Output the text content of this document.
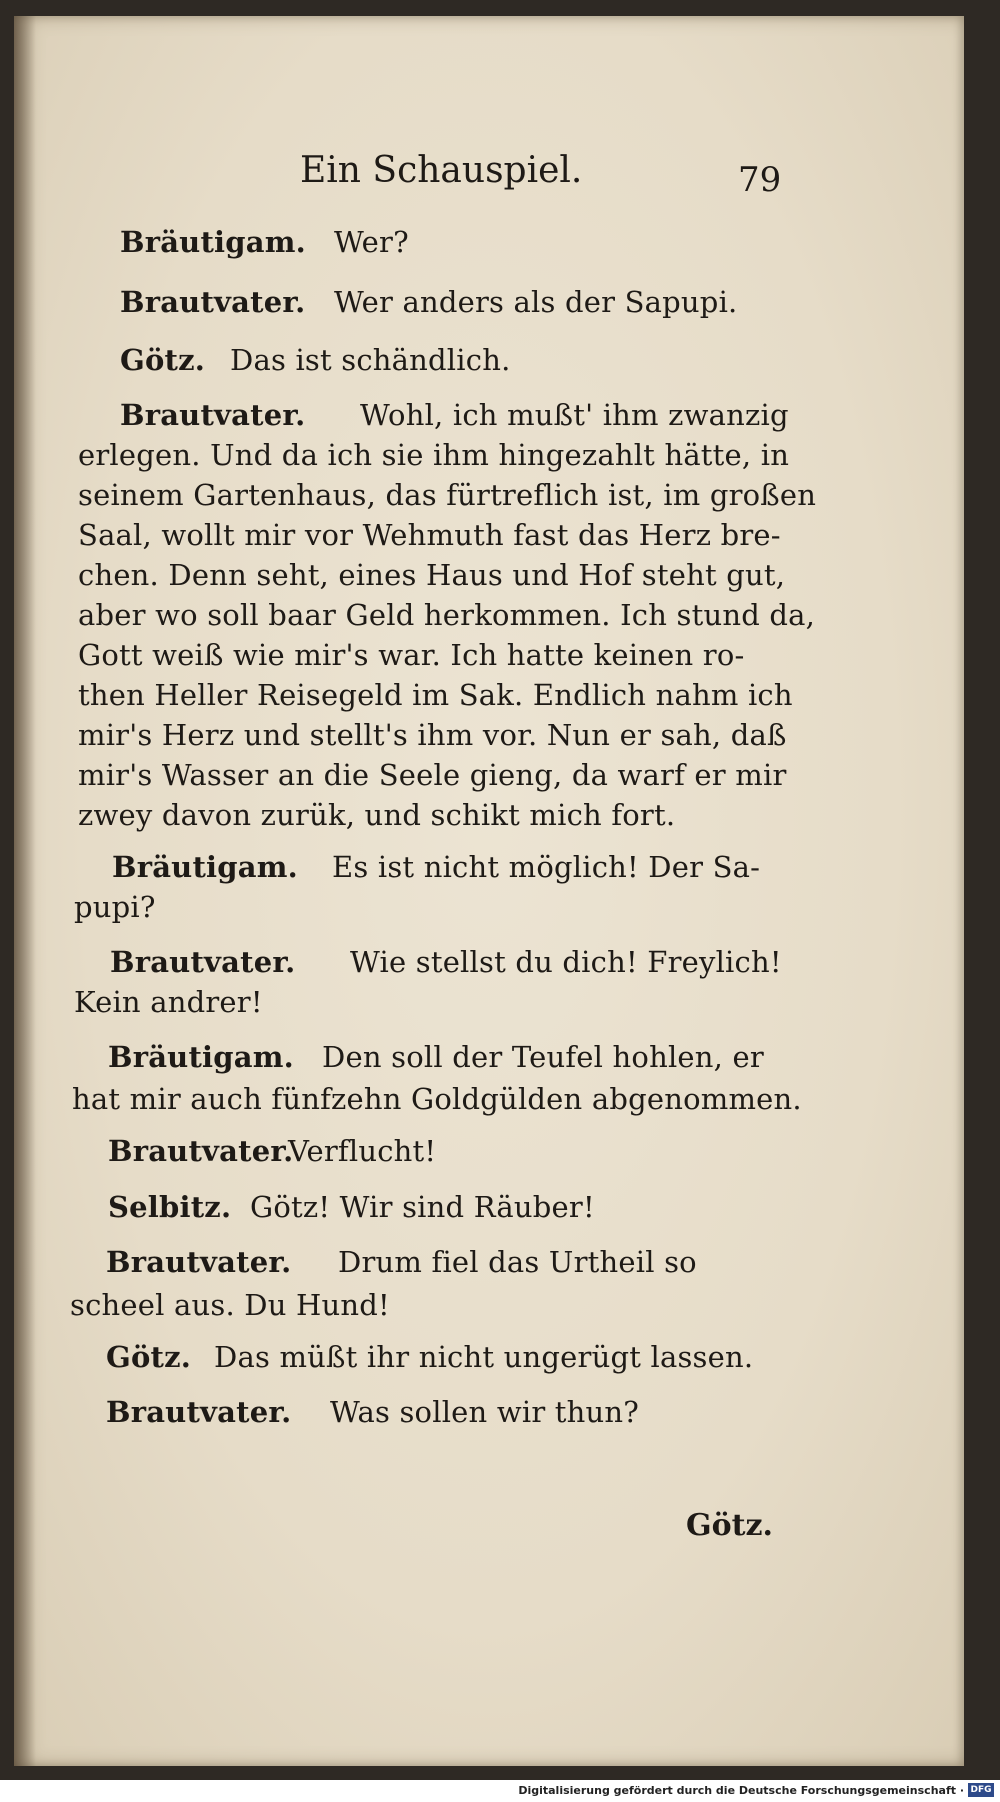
Ein Schauspiel.	79
Bräutigam. Wer?
Brautvater. Wer anders als der Sapupi.
Götz. Das ist schändlich.
Brautvater. Wohl, ich mußt' ihm zwanzig
erlegen. Und da ich sie ihm hingezahlt hätte, in
seinem Gartenhaus, das fürtreflich ist, im großen
Saal, wollt mir vor Wehmuth fast das Herz bre-
chen. Denn seht, eines Haus und Hof steht gut,
aber wo soll baar Geld herkommen. Ich stund da,
Gott weiß wie mir's war. Ich hatte keinen ro-
then Heller Reisegeld im Sak. Endlich nahm ich
mir's Herz und stellt's ihm vor. Nun er sah, daß
mir's Wasser an die Seele gieng, da warf er mir
zwey davon zurük, und schikt mich fort.
Bräutigam. Es ist nicht möglich! Der Sa-
pupi?
Brautvater. Wie stellst du dich! Freylich!
Kein andrer!
Bräutigam. Den soll der Teufel hohlen, er
hat mir auch fünfzehn Goldgülden abgenommen.
Brautvater.Verflucht!
Selbitz. Götz! Wir sind Räuber!
Brautvater. Drum fiel das Urtheil so
scheel aus. Du Hund!
Götz. Das müßt ihr nicht ungerügt lassen.
Brautvater. Was sollen wir thun?
Götz.
Digitalisierung gefördert durch die Deutsche Forschungsgemeinschaft · DFG
